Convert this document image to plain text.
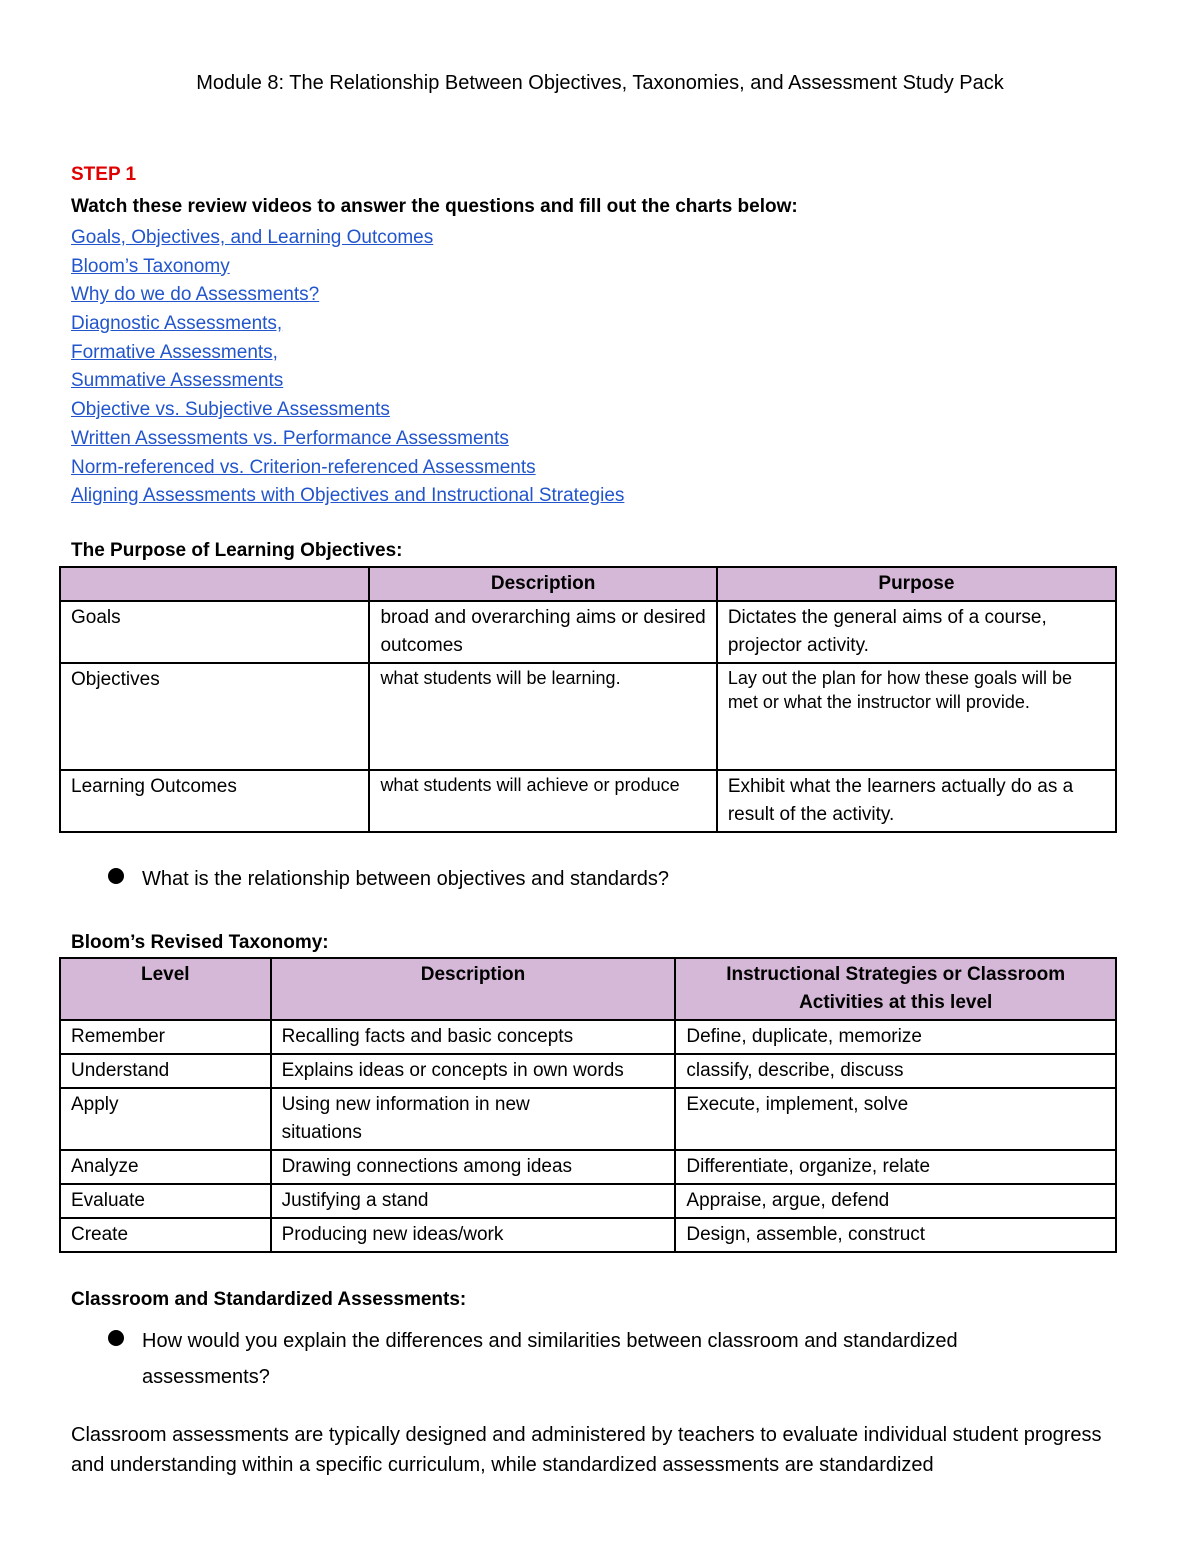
Module 8: The Relationship Between Objectives, Taxonomies, and Assessment Study Pack
STEP 1
Watch these review videos to answer the questions and fill out the charts below:
Goals, Objectives, and Learning Outcomes
Bloom’s Taxonomy
Why do we do Assessments?
Diagnostic Assessments,
Formative Assessments,
Summative Assessments
Objective vs. Subjective Assessments
Written Assessments vs. Performance Assessments
Norm-referenced vs. Criterion-referenced Assessments
Aligning Assessments with Objectives and Instructional Strategies
The Purpose of Learning Objectives:
	Description	Purpose
Goals	broad and overarching aims or desired outcomes	Dictates the general aims of a course, projector activity.
Objectives	what students will be learning.	Lay out the plan for how these goals will be met or what the instructor will provide.
Learning Outcomes	what students will achieve or produce	Exhibit what the learners actually do as a result of the activity.
What is the relationship between objectives and standards?
Bloom’s Revised Taxonomy:
Level	Description	Instructional Strategies or Classroom Activities at this level
Remember	Recalling facts and basic concepts	Define, duplicate, memorize
Understand	Explains ideas or concepts in own words	classify, describe, discuss
Apply	Using new information in new situations	Execute, implement, solve
Analyze	Drawing connections among ideas	Differentiate, organize, relate
Evaluate	Justifying a stand	Appraise, argue, defend
Create	Producing new ideas/work	Design, assemble, construct
Classroom and Standardized Assessments:
How would you explain the differences and similarities between classroom and standardized assessments?
Classroom assessments are typically designed and administered by teachers to evaluate individual student progress and understanding within a specific curriculum, while standardized assessments are standardized
